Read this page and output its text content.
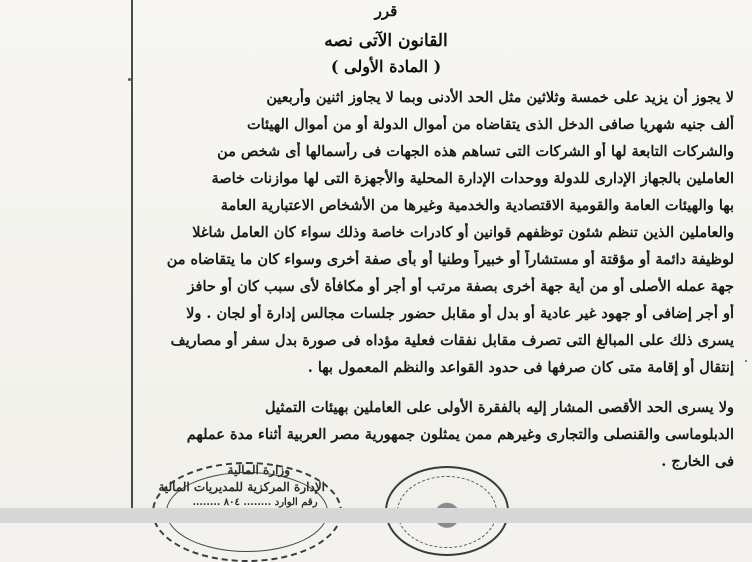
قرر
القانون الآتى نصه
( المادة الأولى )
لا يجوز أن يزيد على خمسة وثلاثين مثل الحد الأدنى وبما لا يجاوز اثنين وأربعين
ألف جنيه شهريا صافى الدخل الذى يتقاضاه من أموال الدولة أو من أموال الهيئات
والشركات التابعة لها أو الشركات التى تساهم هذه الجهات فى رأسمالها أى شخص من
العاملين بالجهاز الإدارى للدولة ووحدات الإدارة المحلية والأجهزة التى لها موازنات خاصة
بها والهيئات العامة والقومية الاقتصادية والخدمية وغيرها من الأشخاص الاعتبارية العامة
والعاملين الذين تنظم شئون توظفهم قوانين أو كادرات خاصة وذلك سواء كان العامل شاغلا
لوظيفة دائمة أو مؤقتة أو مستشاراً أو خبيراً وطنيا أو بأى صفة أخرى وسواء كان ما يتقاضاه من
جهة عمله الأصلى أو من أية جهة أخرى بصفة مرتب أو أجر أو مكافأة لأى سبب كان أو حافز
أو أجر إضافى أو جهود غير عادية أو بدل أو مقابل حضور جلسات مجالس إدارة أو لجان . ولا
يسرى ذلك على المبالغ التى تصرف مقابل نفقات فعلية مؤداه فى صورة بدل سفر أو مصاريف
إنتقال أو إقامة متى كان صرفها فى حدود القواعد والنظم المعمول بها .
ولا يسرى الحد الأقصى المشار إليه بالفقرة الأولى على العاملين بهيئات التمثيل
الدبلوماسى والقنصلى والتجارى وغيرهم ممن يمثلون جمهورية مصر العربية أثناء مدة عملهم
فى الخارج .
وزارة المالية
الإدارة المركزية للمديريات المالية
رقم الوارد ........ ٨٠٤ ........
